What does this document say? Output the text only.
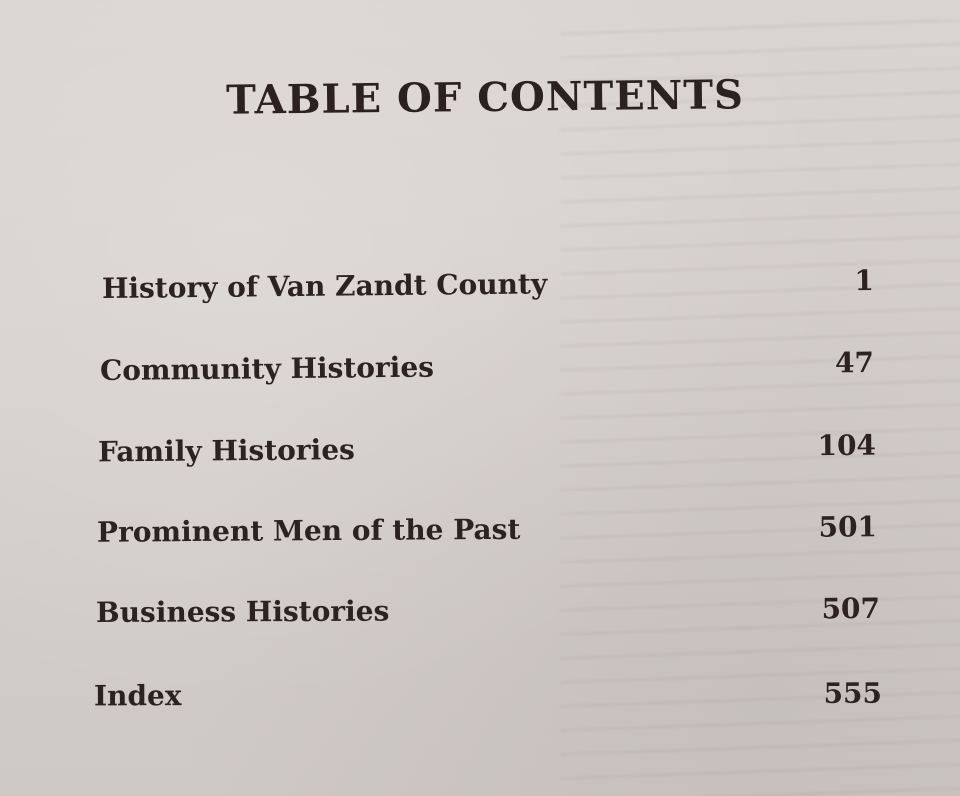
TABLE OF CONTENTS
History of Van Zandt County	1
Community Histories	47
Family Histories	104
Prominent Men of the Past	501
Business Histories	507
Index	555
